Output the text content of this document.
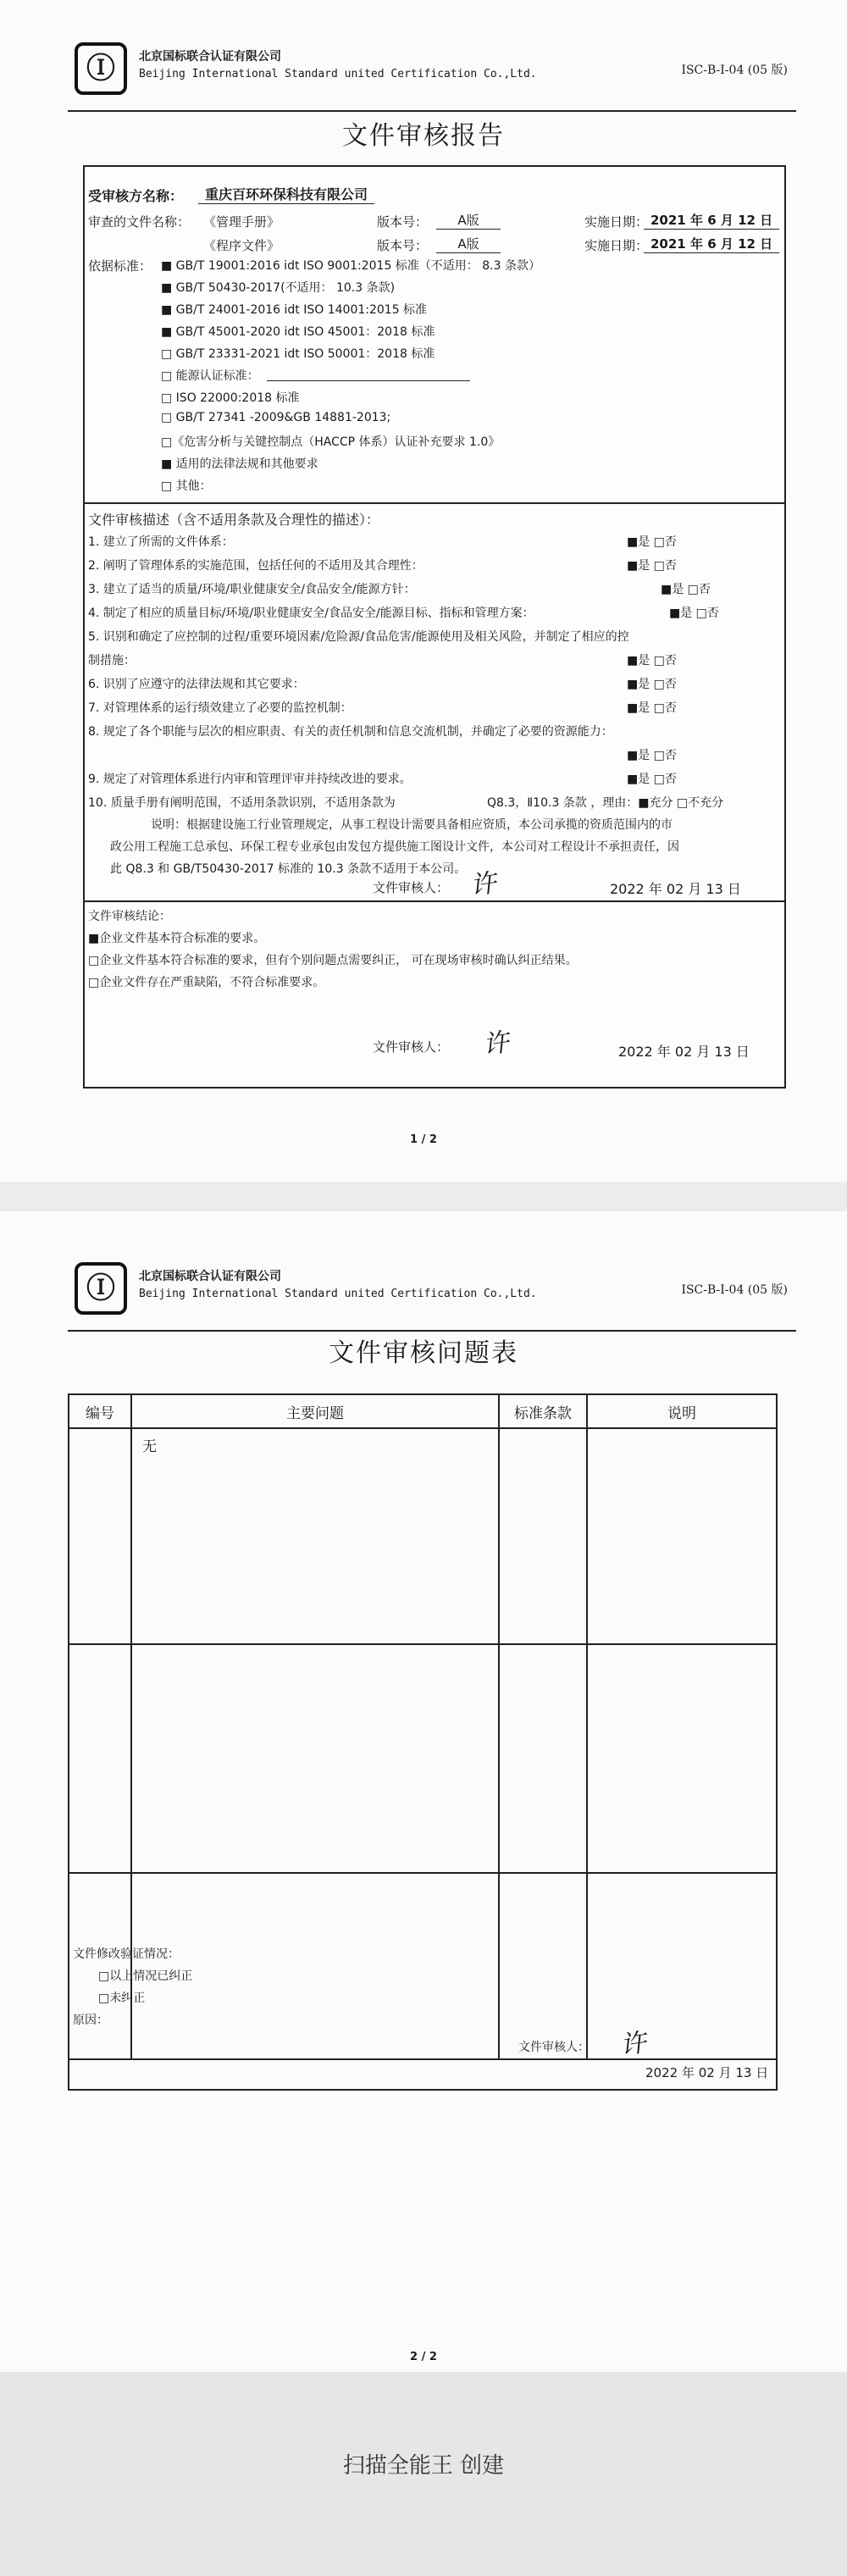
Ⓘ	北京国标联合认证有限公司
Beijing International Standard united Certification Co.,Ltd.	ISC-B-I-04 (05 版)
文件审核报告
受审核方名称：	重庆百环环保科技有限公司
审查的文件名称： 《管理手册》	版本号：	A版	实施日期： 2021 年 6 月 12 日
《程序文件》	版本号：	A版	实施日期： 2021 年 6 月 12 日
依据标准： ■ GB/T 19001:2016 idt ISO 9001:2015 标准（不适用： 8.3 条款）
■ GB/T 50430-2017(不适用： 10.3 条款)
■ GB/T 24001-2016 idt ISO 14001:2015 标准
■ GB/T 45001-2020 idt ISO 45001：2018 标准
□ GB/T 23331-2021 idt ISO 50001：2018 标准
□ 能源认证标准：
□ ISO 22000:2018 标准
□ GB/T 27341 -2009&GB 14881-2013;
□《危害分析与关键控制点（HACCP 体系）认证补充要求 1.0》
■ 适用的法律法规和其他要求
□ 其他：
文件审核描述（含不适用条款及合理性的描述）：
1. 建立了所需的文件体系：	■是 □否
2. 阐明了管理体系的实施范围，包括任何的不适用及其合理性：	■是 □否
3. 建立了适当的质量/环境/职业健康安全/食品安全/能源方针：	■是 □否
4. 制定了相应的质量目标/环境/职业健康安全/食品安全/能源目标、指标和管理方案：	■是 □否
5. 识别和确定了应控制的过程/重要环境因素/危险源/食品危害/能源使用及相关风险，并制定了相应的控
制措施：	■是 □否
6. 识别了应遵守的法律法规和其它要求：	■是 □否
7. 对管理体系的运行绩效建立了必要的监控机制：	■是 □否
8. 规定了各个职能与层次的相应职责、有关的责任机制和信息交流机制，并确定了必要的资源能力：
■是 □否
9. 规定了对管理体系进行内审和管理评审并持续改进的要求。	■是 □否
10. 质量手册有阐明范围，不适用条款识别，不适用条款为	Q8.3，Ⅱ10.3 条款 ，理由：■充分 □不充分
说明：根据建设施工行业管理规定，从事工程设计需要具备相应资质，本公司承揽的资质范围内的市
政公用工程施工总承包、环保工程专业承包由发包方提供施工图设计文件，本公司对工程设计不承担责任，因
此 Q8.3 和 GB/T50430-2017 标准的 10.3 条款不适用于本公司。
文件审核人： 许	2022 年 02 月 13 日
文件审核结论：
■企业文件基本符合标准的要求。
□企业文件基本符合标准的要求，但有个别问题点需要纠正， 可在现场审核时确认纠正结果。
□企业文件存在严重缺陷，不符合标准要求。
文件审核人： 许	2022 年 02 月 13 日
1 / 2
Ⓘ	北京国标联合认证有限公司
Beijing International Standard united Certification Co.,Ltd.	ISC-B-I-04 (05 版)
文件审核问题表
编号	主要问题	标准条款	说明
	无		

文件修改验证情况：
□以上情况已纠正
□未纠正
原因：
文件审核人： 许
2022 年 02 月 13 日
2 / 2
扫描全能王 创建
